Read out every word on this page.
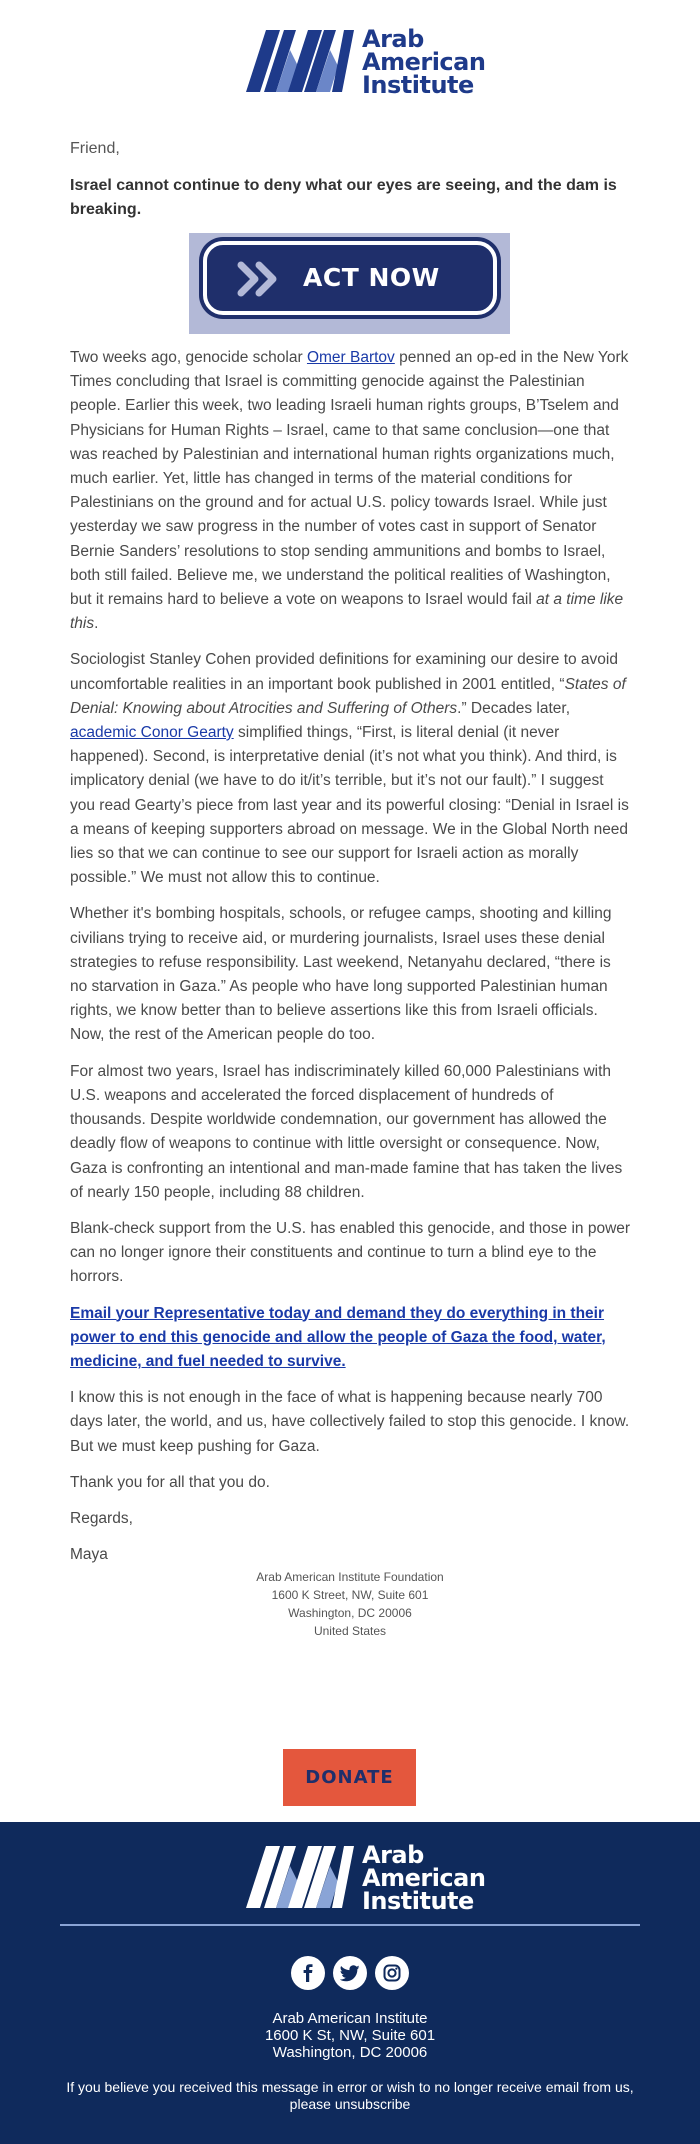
Arab
American
Institute
Friend,
Israel cannot continue to deny what our eyes are seeing, and the dam is breaking.
ACT NOW

Two weeks ago, genocide scholar Omer Bartov penned an op-ed in the New York Times concluding that Israel is committing genocide against the Palestinian people. Earlier this week, two leading Israeli human rights groups, B’Tselem and Physicians for Human Rights – Israel, came to that same conclusion—one that was reached by Palestinian and international human rights organizations much, much earlier. Yet, little has changed in terms of the material conditions for Palestinians on the ground and for actual U.S. policy towards Israel. While just yesterday we saw progress in the number of votes cast in support of Senator Bernie Sanders’ resolutions to stop sending ammunitions and bombs to Israel, both still failed. Believe me, we understand the political realities of Washington, but it remains hard to believe a vote on weapons to Israel would fail at a time like this.

Sociologist Stanley Cohen provided definitions for examining our desire to avoid uncomfortable realities in an important book published in 2001 entitled, “States of Denial: Knowing about Atrocities and Suffering of Others.” Decades later, academic Conor Gearty simplified things, “First, is literal denial (it never happened). Second, is interpretative denial (it’s not what you think). And third, is implicatory denial (we have to do it/it’s terrible, but it’s not our fault).” I suggest you read Gearty’s piece from last year and its powerful closing: “Denial in Israel is a means of keeping supporters abroad on message. We in the Global North need lies so that we can continue to see our support for Israeli action as morally possible.” We must not allow this to continue.

Whether it's bombing hospitals, schools, or refugee camps, shooting and killing civilians trying to receive aid, or murdering journalists, Israel uses these denial strategies to refuse responsibility. Last weekend, Netanyahu declared, “there is no starvation in Gaza.” As people who have long supported Palestinian human rights, we know better than to believe assertions like this from Israeli officials. Now, the rest of the American people do too.

For almost two years, Israel has indiscriminately killed 60,000 Palestinians with U.S. weapons and accelerated the forced displacement of hundreds of thousands. Despite worldwide condemnation, our government has allowed the deadly flow of weapons to continue with little oversight or consequence. Now, Gaza is confronting an intentional and man-made famine that has taken the lives of nearly 150 people, including 88 children.

Blank-check support from the U.S. has enabled this genocide, and those in power can no longer ignore their constituents and continue to turn a blind eye to the horrors.

Email your Representative today and demand they do everything in their power to end this genocide and allow the people of Gaza the food, water, medicine, and fuel needed to survive.

I know this is not enough in the face of what is happening because nearly 700 days later, the world, and us, have collectively failed to stop this genocide. I know. But we must keep pushing for Gaza.

Thank you for all that you do.

Regards,

Maya

Arab American Institute Foundation
1600 K Street, NW, Suite 601
Washington, DC 20006
United States
DONATE
Arab
American
Institute
Arab American Institute
1600 K St, NW, Suite 601
Washington, DC 20006
If you believe you received this message in error or wish to no longer receive email from us, please unsubscribe
